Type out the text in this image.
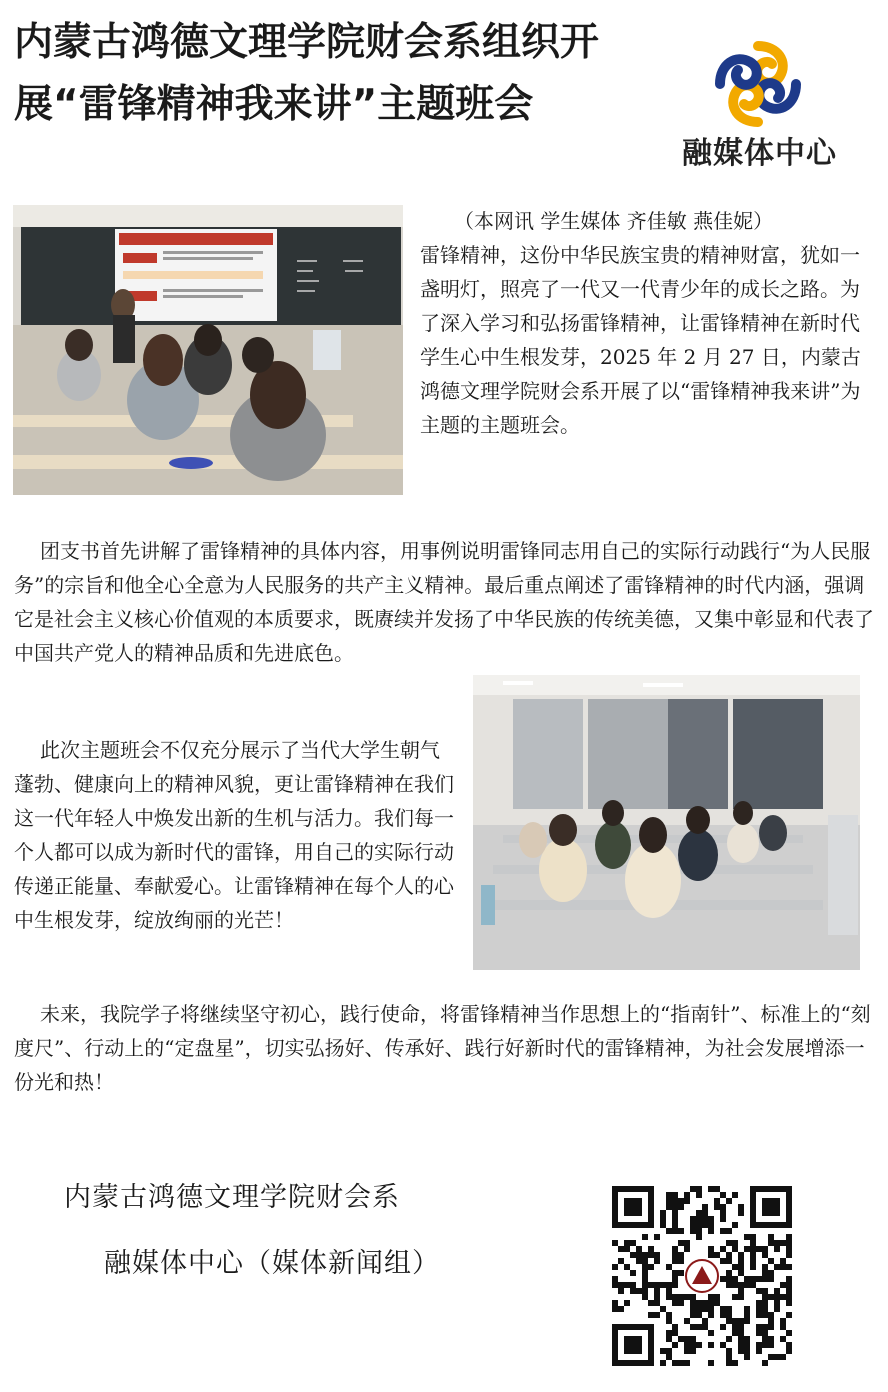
内蒙古鸿德文理学院财会系组织开展“雷锋精神我来讲”主题班会
融媒体中心
（本网讯 学生媒体 齐佳敏 燕佳妮）
雷锋精神，这份中华民族宝贵的精神财富，犹如一盏明灯，照亮了一代又一代青少年的成长之路。为了深入学习和弘扬雷锋精神，让雷锋精神在新时代学生心中生根发芽，2025 年 2 月 27 日，内蒙古鸿德文理学院财会系开展了以“雷锋精神我来讲”为主题的主题班会。
团支书首先讲解了雷锋精神的具体内容，用事例说明雷锋同志用自己的实际行动践行“为人民服务”的宗旨和他全心全意为人民服务的共产主义精神。最后重点阐述了雷锋精神的时代内涵，强调它是社会主义核心价值观的本质要求，既赓续并发扬了中华民族的传统美德，又集中彰显和代表了中国共产党人的精神品质和先进底色。
此次主题班会不仅充分展示了当代大学生朝气蓬勃、健康向上的精神风貌，更让雷锋精神在我们这一代年轻人中焕发出新的生机与活力。我们每一个人都可以成为新时代的雷锋，用自己的实际行动传递正能量、奉献爱心。让雷锋精神在每个人的心中生根发芽，绽放绚丽的光芒！
未来，我院学子将继续坚守初心，践行使命，将雷锋精神当作思想上的“指南针”、标准上的“刻度尺”、行动上的“定盘星”，切实弘扬好、传承好、践行好新时代的雷锋精神，为社会发展增添一份光和热！
内蒙古鸿德文理学院财会系
融媒体中心（媒体新闻组）
